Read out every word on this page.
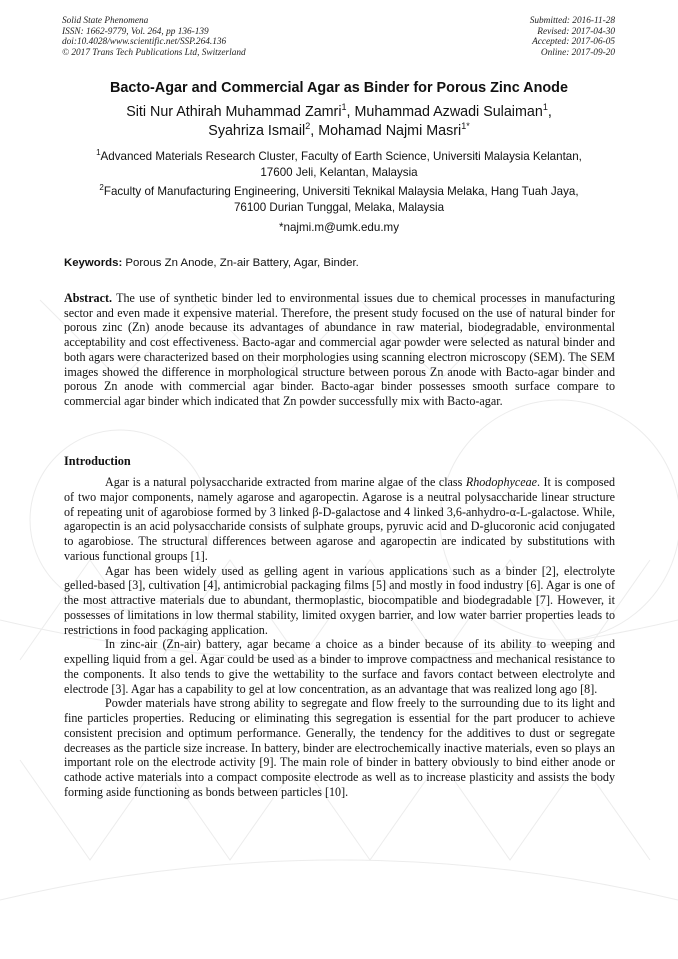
Solid State Phenomena
ISSN: 1662-9779, Vol. 264, pp 136-139
doi:10.4028/www.scientific.net/SSP.264.136
© 2017 Trans Tech Publications Ltd, Switzerland
Submitted: 2016-11-28
Revised: 2017-04-30
Accepted: 2017-06-05
Online: 2017-09-20
Bacto-Agar and Commercial Agar as Binder for Porous Zinc Anode
Siti Nur Athirah Muhammad Zamri$^1$, Muhammad Azwadi Sulaiman$^1$,
Syahriza Ismail$^2$, Mohamad Najmi Masri$^{1*}$
$^1$Advanced Materials Research Cluster, Faculty of Earth Science, Universiti Malaysia Kelantan,
17600 Jeli, Kelantan, Malaysia
$^2$Faculty of Manufacturing Engineering, Universiti Teknikal Malaysia Melaka, Hang Tuah Jaya,
76100 Durian Tunggal, Melaka, Malaysia
*najmi.m@umk.edu.my
Keywords: Porous Zn Anode, Zn-air Battery, Agar, Binder.
Abstract. The use of synthetic binder led to environmental issues due to chemical processes in manufacturing sector and even made it expensive material. Therefore, the present study focused on the use of natural binder for porous zinc (Zn) anode because its advantages of abundance in raw material, biodegradable, environmental acceptability and cost effectiveness. Bacto-agar and commercial agar powder were selected as natural binder and both agars were characterized based on their morphologies using scanning electron microscopy (SEM). The SEM images showed the difference in morphological structure between porous Zn anode with Bacto-agar binder and porous Zn anode with commercial agar binder. Bacto-agar binder possesses smooth surface compare to commercial agar binder which indicated that Zn powder successfully mix with Bacto-agar.
Introduction

Agar is a natural polysaccharide extracted from marine algae of the class Rhodophyceae. It is composed of two major components, namely agarose and agaropectin. Agarose is a neutral polysaccharide linear structure of repeating unit of agarobiose formed by 3 linked β-D-galactose and 4 linked 3,6-anhydro-α-L-galactose. While, agaropectin is an acid polysaccharide consists of sulphate groups, pyruvic acid and D-glucoronic acid conjugated to agarobiose. The structural differences between agarose and agaropectin are indicated by substitutions with various functional groups [1].

Agar has been widely used as gelling agent in various applications such as a binder [2], electrolyte gelled-based [3], cultivation [4], antimicrobial packaging films [5] and mostly in food industry [6]. Agar is one of the most attractive materials due to abundant, thermoplastic, biocompatible and biodegradable [7]. However, it possesses of limitations in low thermal stability, limited oxygen barrier, and low water barrier properties leads to restrictions in food packaging application.

In zinc-air (Zn-air) battery, agar became a choice as a binder because of its ability to weeping and expelling liquid from a gel. Agar could be used as a binder to improve compactness and mechanical resistance to the components. It also tends to give the wettability to the surface and favors contact between electrolyte and electrode [3]. Agar has a capability to gel at low concentration, as an advantage that was realized long ago [8].

Powder materials have strong ability to segregate and flow freely to the surrounding due to its light and fine particles properties. Reducing or eliminating this segregation is essential for the part producer to achieve consistent precision and optimum performance. Generally, the tendency for the additives to dust or segregate decreases as the particle size increase. In battery, binder are electrochemically inactive materials, even so plays an important role on the electrode activity [9]. The main role of binder in battery obviously to bind either anode or cathode active materials into a compact composite electrode as well as to increase plasticity and assists the body forming aside functioning as bonds between particles [10].
